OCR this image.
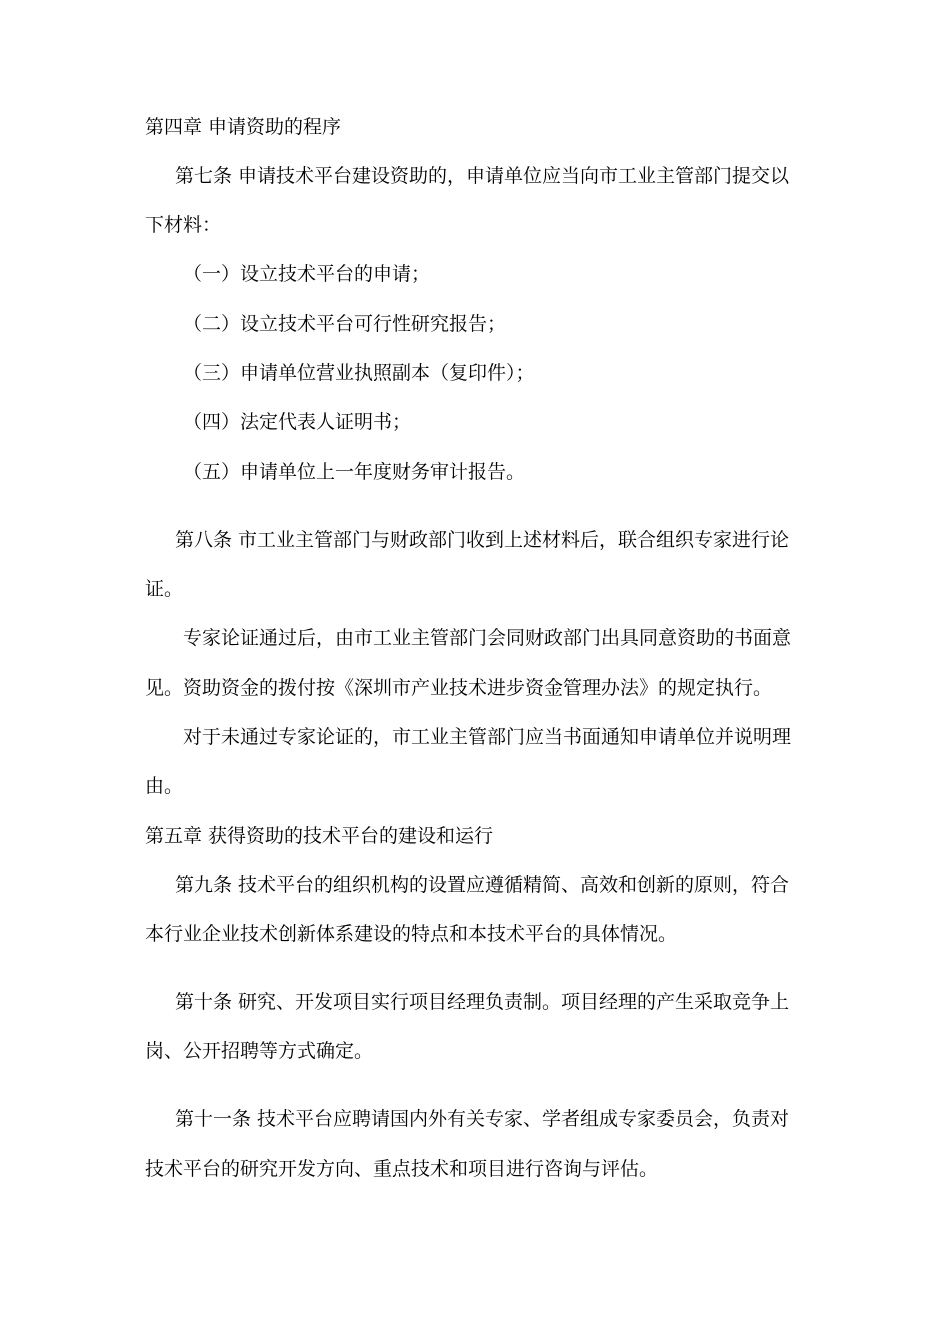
第四章 申请资助的程序
第七条 申请技术平台建设资助的，申请单位应当向市工业主管部门提交以
下材料：
（一）设立技术平台的申请；
（二）设立技术平台可行性研究报告；
（三）申请单位营业执照副本（复印件）；
（四）法定代表人证明书；
（五）申请单位上一年度财务审计报告。
第八条 市工业主管部门与财政部门收到上述材料后，联合组织专家进行论
证。
专家论证通过后，由市工业主管部门会同财政部门出具同意资助的书面意
见。资助资金的拨付按《深圳市产业技术进步资金管理办法》的规定执行。
对于未通过专家论证的，市工业主管部门应当书面通知申请单位并说明理
由。
第五章 获得资助的技术平台的建设和运行
第九条 技术平台的组织机构的设置应遵循精简、高效和创新的原则，符合
本行业企业技术创新体系建设的特点和本技术平台的具体情况。
第十条 研究、开发项目实行项目经理负责制。项目经理的产生采取竞争上
岗、公开招聘等方式确定。
第十一条 技术平台应聘请国内外有关专家、学者组成专家委员会，负责对
技术平台的研究开发方向、重点技术和项目进行咨询与评估。
